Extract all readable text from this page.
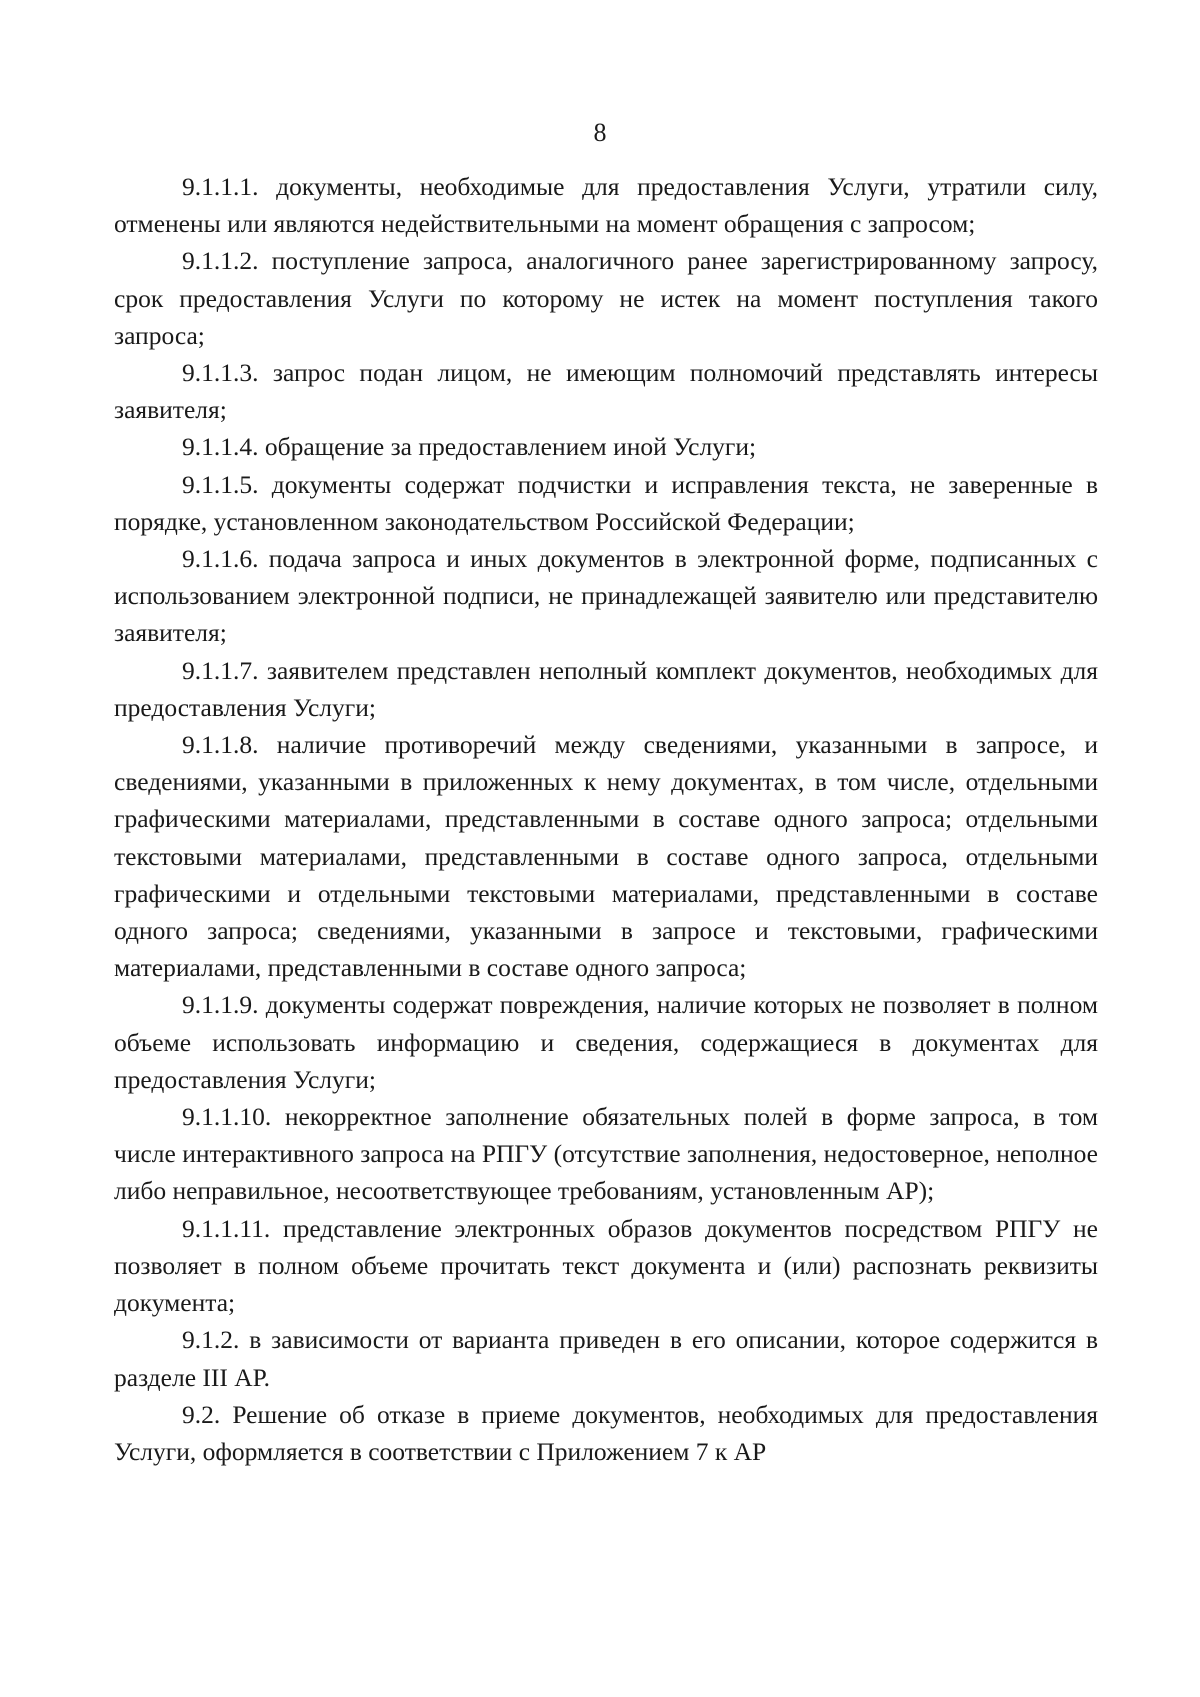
8

9.1.1.1. документы, необходимые для предоставления Услуги, утратили силу, отменены или являются недействительными на момент обращения с запросом;

9.1.1.2. поступление запроса, аналогичного ранее зарегистрированному запросу, срок предоставления Услуги по которому не истек на момент поступления такого запроса;

9.1.1.3. запрос подан лицом, не имеющим полномочий представлять интересы заявителя;

9.1.1.4. обращение за предоставлением иной Услуги;

9.1.1.5. документы содержат подчистки и исправления текста, не заверенные в порядке, установленном законодательством Российской Федерации;

9.1.1.6. подача запроса и иных документов в электронной форме, подписанных с использованием электронной подписи, не принадлежащей заявителю или представителю заявителя;

9.1.1.7. заявителем представлен неполный комплект документов, необходимых для предоставления Услуги;

9.1.1.8. наличие противоречий между сведениями, указанными в запросе, и сведениями, указанными в приложенных к нему документах, в том числе, отдельными графическими материалами, представленными в составе одного запроса; отдельными текстовыми материалами, представленными в составе одного запроса, отдельными графическими и отдельными текстовыми материалами, представленными в составе одного запроса; сведениями, указанными в запросе и текстовыми, графическими материалами, представленными в составе одного запроса;

9.1.1.9. документы содержат повреждения, наличие которых не позволяет в полном объеме использовать информацию и сведения, содержащиеся в документах для предоставления Услуги;

9.1.1.10. некорректное заполнение обязательных полей в форме запроса, в том числе интерактивного запроса на РПГУ (отсутствие заполнения, недостоверное, неполное либо неправильное, несоответствующее требованиям, установленным АР);

9.1.1.11. представление электронных образов документов посредством РПГУ не позволяет в полном объеме прочитать текст документа и (или) распознать реквизиты документа;

9.1.2. в зависимости от варианта приведен в его описании, которое содержится в разделе III АР.

9.2. Решение об отказе в приеме документов, необходимых для предоставления Услуги, оформляется в соответствии с Приложением 7 к АР
